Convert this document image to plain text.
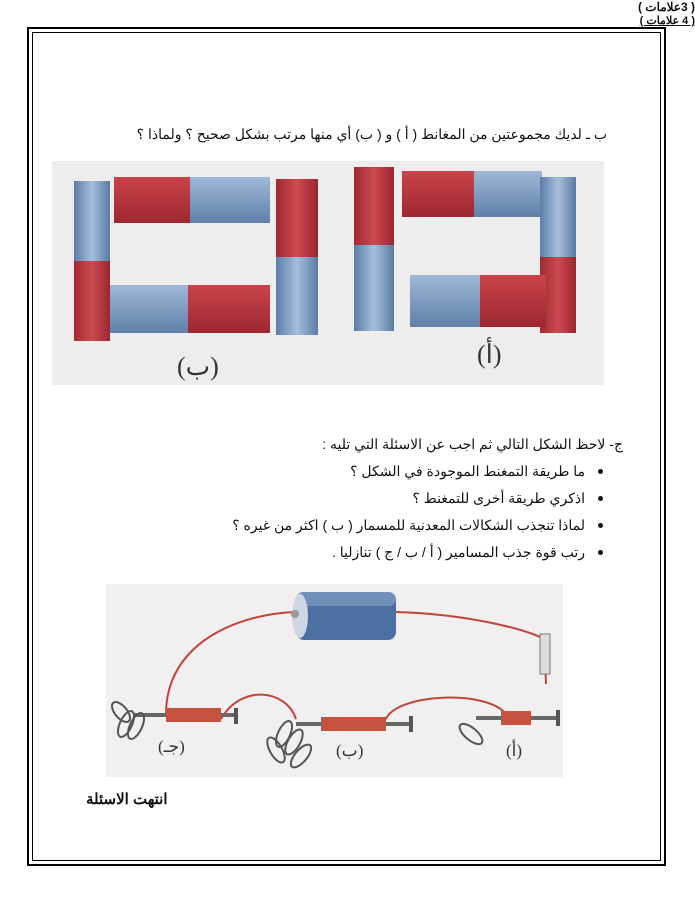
ب ـ لديك مجموعتين من المغانط ( أ ) و ( ب) أي منها مرتب بشكل صحيح ؟ ولماذا ؟
( 3علامات )
(ب)	(أ)
ج- لاحظ الشكل التالي ثم اجب عن الاسئلة التي تليه :
( 4 علامات )
ما طريقة التمغنط الموجودة في الشكل ؟
اذكري طريقة أخرى للتمغنط ؟
لماذا تنجذب الشكالات المعدنية للمسمار ( ب ) اكثر من غيره ؟
رتب قوة جذب المسامير ( أ / ب / ج ) تنازليا .
(جـ)	(ب)	(أ)
انتهت الاسئلة
